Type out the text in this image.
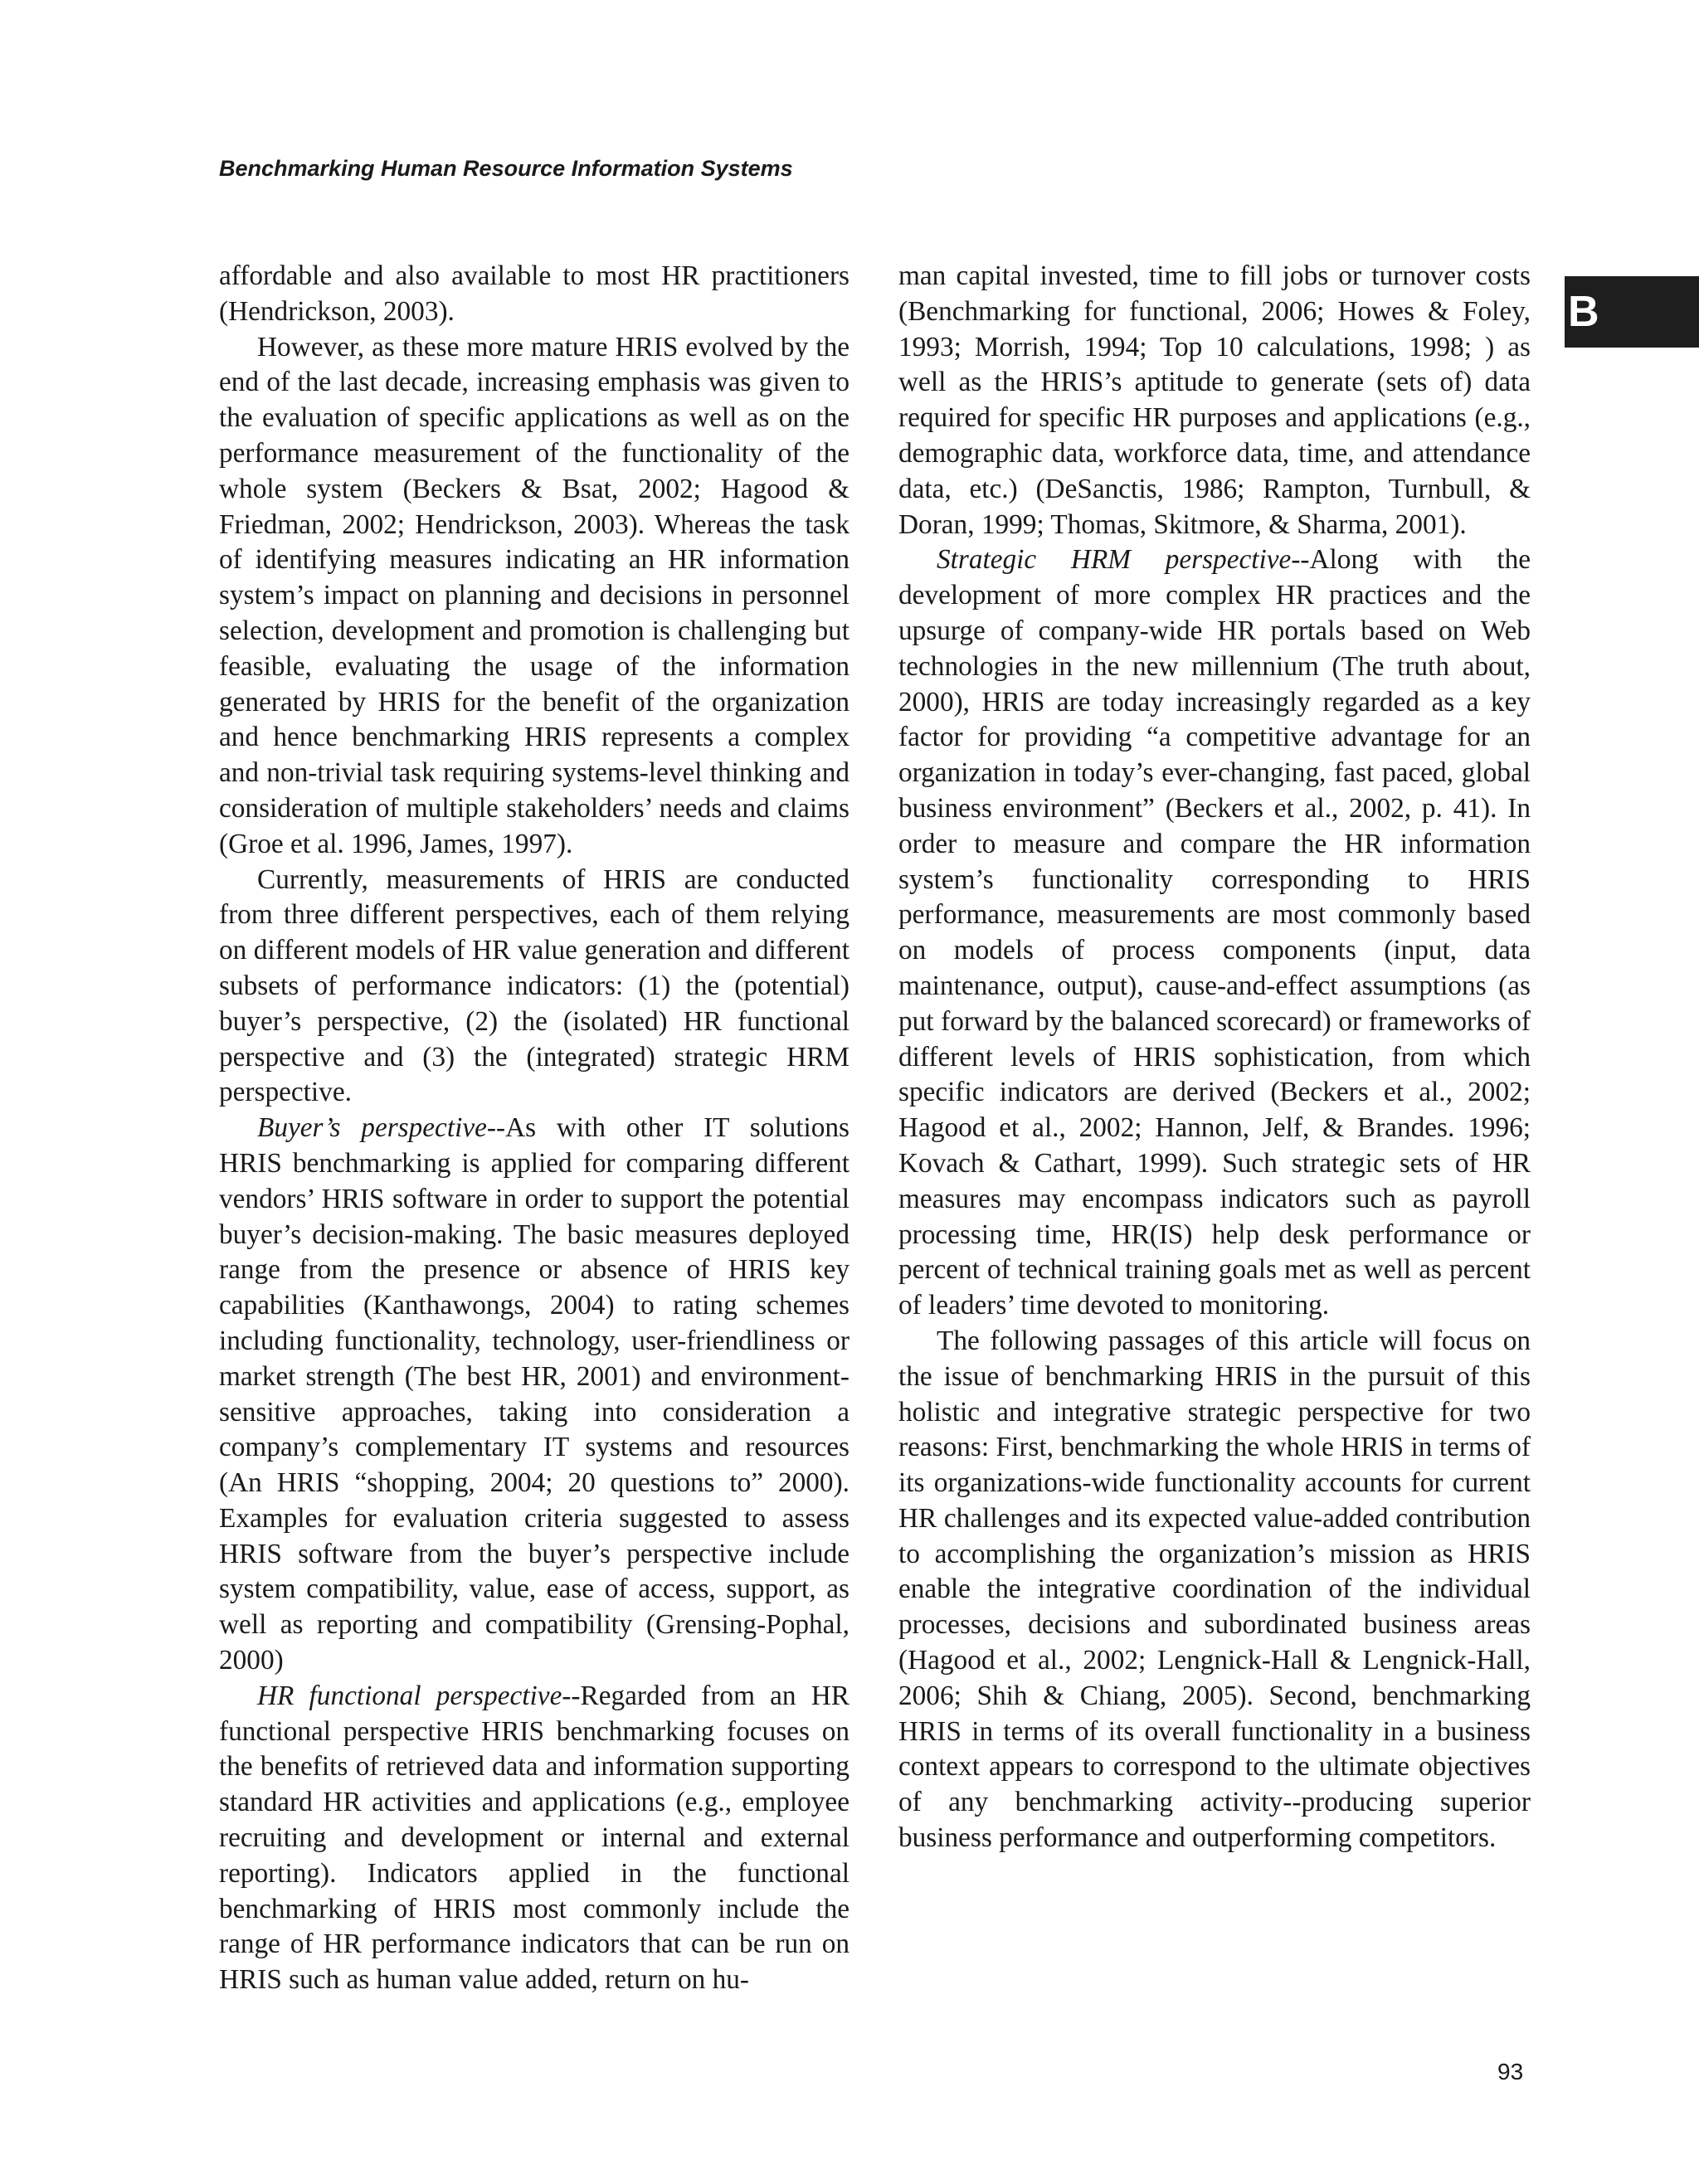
Benchmarking Human Resource Information Systems
B

affordable and also available to most HR practitioners (Hendrickson, 2003).

However, as these more mature HRIS evolved by the end of the last decade, increasing emphasis was given to the evaluation of specific applications as well as on the performance measurement of the functionality of the whole system (Beckers & Bsat, 2002; Hagood & Friedman, 2002; Hendrickson, 2003). Whereas the task of identifying measures indicating an HR information system’s impact on planning and decisions in personnel selection, development and promotion is challenging but feasible, evaluating the usage of the information generated by HRIS for the benefit of the organization and hence benchmarking HRIS represents a complex and non-trivial task requiring systems-level thinking and consideration of multiple stakeholders’ needs and claims (Groe et al. 1996, James, 1997).

Currently, measurements of HRIS are conducted from three different perspectives, each of them relying on different models of HR value generation and different subsets of performance indicators: (1) the (potential) buyer’s perspective, (2) the (isolated) HR functional perspective and (3) the (integrated) strategic HRM perspective.

Buyer’s perspective--As with other IT solutions HRIS benchmarking is applied for comparing different vendors’ HRIS software in order to support the potential buyer’s decision-making. The basic measures deployed range from the presence or absence of HRIS key capabilities (Kanthawongs, 2004) to rating schemes including functionality, technology, user-friendliness or market strength (The best HR, 2001) and environment-sensitive approaches, taking into consideration a company’s complementary IT systems and resources (An HRIS “shopping, 2004; 20 questions to” 2000). Examples for evaluation criteria suggested to assess HRIS software from the buyer’s perspective include system compatibility, value, ease of access, support, as well as reporting and compatibility (Grensing-Pophal, 2000)

HR functional perspective--Regarded from an HR functional perspective HRIS benchmarking focuses on the benefits of retrieved data and information supporting standard HR activities and applications (e.g., employee recruiting and development or internal and external reporting). Indicators applied in the functional benchmarking of HRIS most commonly include the range of HR performance indicators that can be run on HRIS such as human value added, return on hu-

man capital invested, time to fill jobs or turnover costs (Benchmarking for functional, 2006; Howes & Foley, 1993; Morrish, 1994; Top 10 calculations, 1998; ) as well as the HRIS’s aptitude to generate (sets of) data required for specific HR purposes and applications (e.g., demographic data, workforce data, time, and attendance data, etc.) (DeSanctis, 1986; Rampton, Turnbull, & Doran, 1999; Thomas, Skitmore, & Sharma, 2001).

Strategic HRM perspective--Along with the development of more complex HR practices and the upsurge of company-wide HR portals based on Web technologies in the new millennium (The truth about, 2000), HRIS are today increasingly regarded as a key factor for providing “a competitive advantage for an organization in today’s ever-changing, fast paced, global business environment” (Beckers et al., 2002, p. 41). In order to measure and compare the HR information system’s functionality corresponding to HRIS performance, measurements are most commonly based on models of process components (input, data maintenance, output), cause-and-effect assumptions (as put forward by the balanced scorecard) or frameworks of different levels of HRIS sophistication, from which specific indicators are derived (Beckers et al., 2002; Hagood et al., 2002; Hannon, Jelf, & Brandes. 1996; Kovach & Cathart, 1999). Such strategic sets of HR measures may encompass indicators such as payroll processing time, HR(IS) help desk performance or percent of technical training goals met as well as percent of leaders’ time devoted to monitoring.

The following passages of this article will focus on the issue of benchmarking HRIS in the pursuit of this holistic and integrative strategic perspective for two reasons: First, benchmarking the whole HRIS in terms of its organizations-wide functionality accounts for current HR challenges and its expected value-added contribution to accomplishing the organization’s mission as HRIS enable the integrative coordination of the individual processes, decisions and subordinated business areas (Hagood et al., 2002; Lengnick-Hall & Lengnick-Hall, 2006; Shih & Chiang, 2005). Second, benchmarking HRIS in terms of its overall functionality in a business context appears to correspond to the ultimate objectives of any benchmarking activity--producing superior business performance and outperforming competitors.

93
